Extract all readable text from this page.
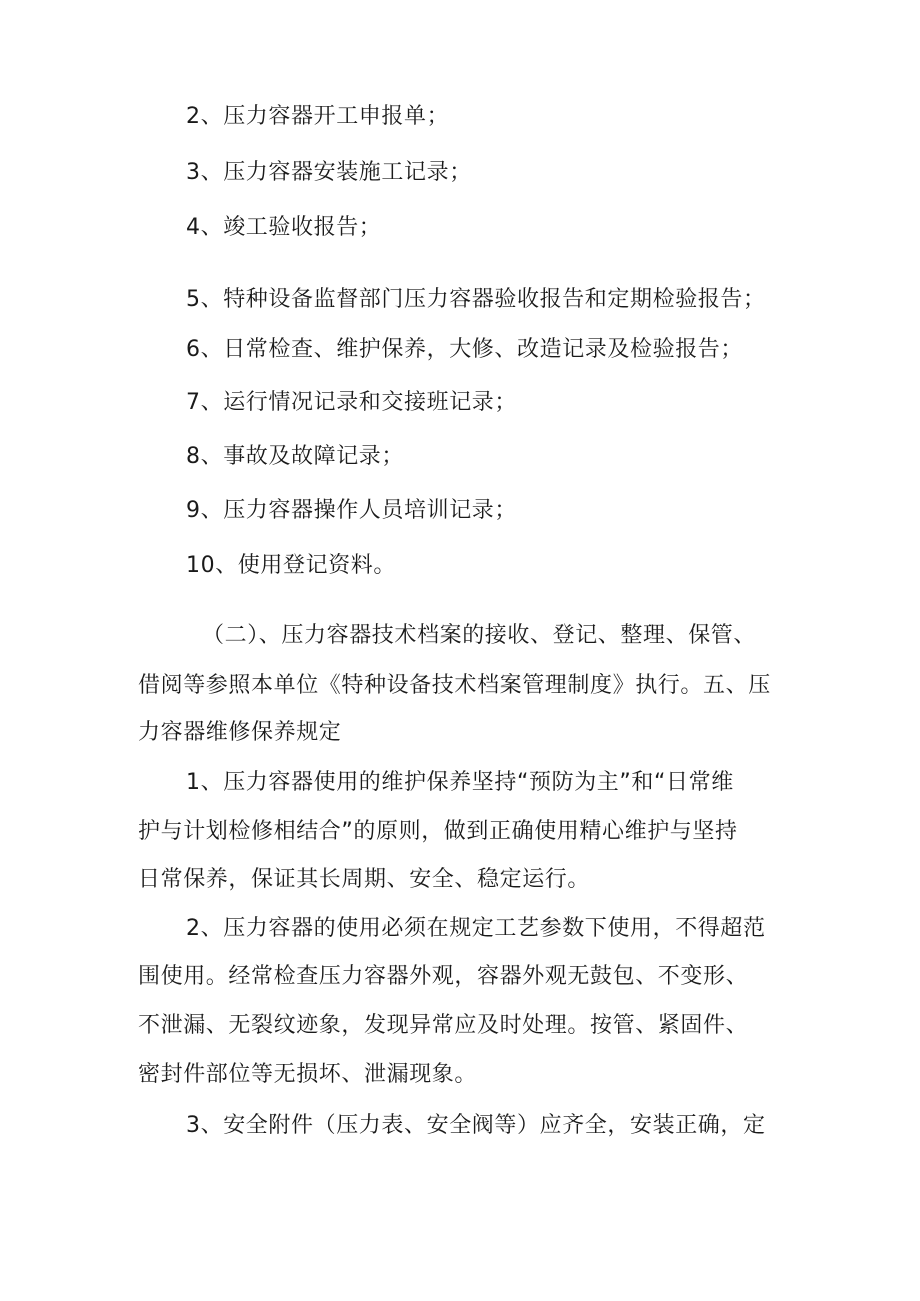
2、压力容器开工申报单；
3、压力容器安装施工记录；
4、竣工验收报告；
5、特种设备监督部门压力容器验收报告和定期检验报告；
6、日常检查、维护保养，大修、改造记录及检验报告；
7、运行情况记录和交接班记录；
8、事故及故障记录；
9、压力容器操作人员培训记录；
10、使用登记资料。
（二）、压力容器技术档案的接收、登记、整理、保管、
借阅等参照本单位《特种设备技术档案管理制度》执行。五、压
力容器维修保养规定
1、压力容器使用的维护保养坚持“预防为主”和“日常维
护与计划检修相结合”的原则，做到正确使用精心维护与坚持
日常保养，保证其长周期、安全、稳定运行。
2、压力容器的使用必须在规定工艺参数下使用，不得超范
围使用。经常检查压力容器外观，容器外观无鼓包、不变形、
不泄漏、无裂纹迹象，发现异常应及时处理。按管、紧固件、
密封件部位等无损坏、泄漏现象。
3、安全附件（压力表、安全阀等）应齐全，安装正确，定
